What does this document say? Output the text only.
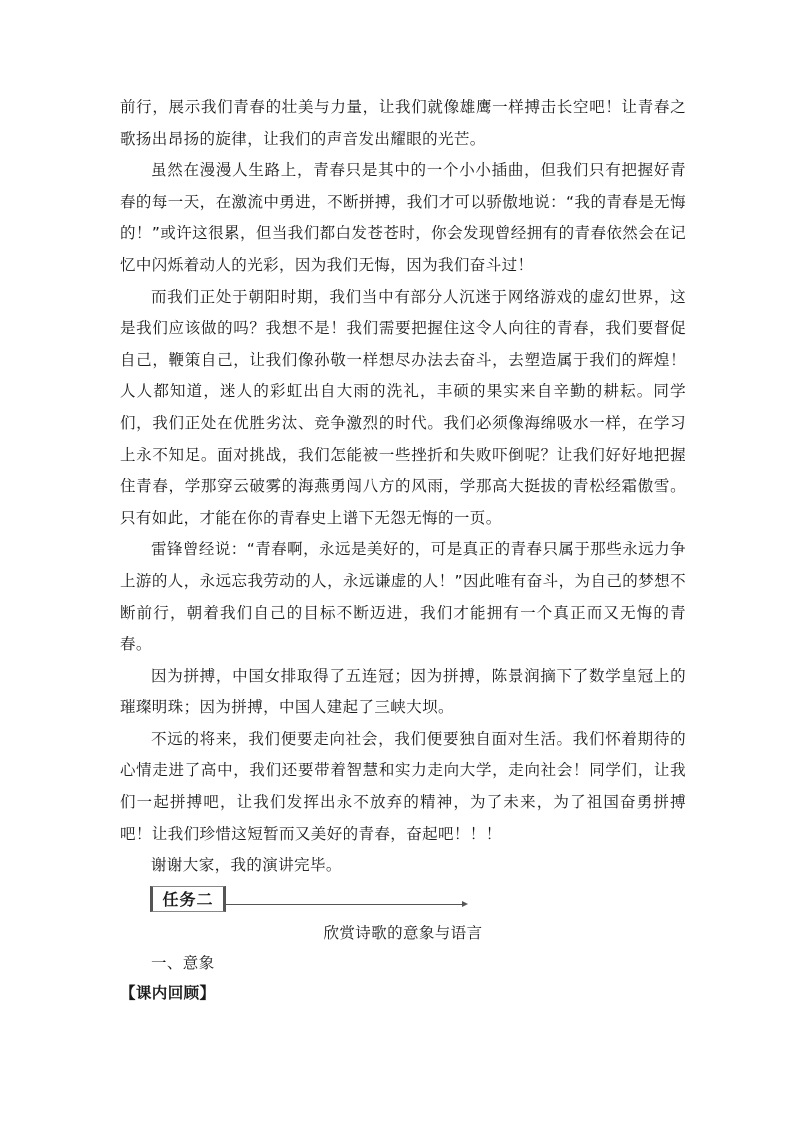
前行，展示我们青春的壮美与力量，让我们就像雄鹰一样搏击长空吧！让青春之歌扬出昂扬的旋律，让我们的声音发出耀眼的光芒。

虽然在漫漫人生路上，青春只是其中的一个小小插曲，但我们只有把握好青春的每一天，在激流中勇进，不断拼搏，我们才可以骄傲地说：“我的青春是无悔的！”或许这很累，但当我们都白发苍苍时，你会发现曾经拥有的青春依然会在记忆中闪烁着动人的光彩，因为我们无悔，因为我们奋斗过！

而我们正处于朝阳时期，我们当中有部分人沉迷于网络游戏的虚幻世界，这是我们应该做的吗？我想不是！我们需要把握住这令人向往的青春，我们要督促自己，鞭策自己，让我们像孙敬一样想尽办法去奋斗，去塑造属于我们的辉煌！人人都知道，迷人的彩虹出自大雨的洗礼，丰硕的果实来自辛勤的耕耘。同学们，我们正处在优胜劣汰、竞争激烈的时代。我们必须像海绵吸水一样，在学习上永不知足。面对挑战，我们怎能被一些挫折和失败吓倒呢？让我们好好地把握住青春，学那穿云破雾的海燕勇闯八方的风雨，学那高大挺拔的青松经霜傲雪。只有如此，才能在你的青春史上谱下无怨无悔的一页。

雷锋曾经说：“青春啊，永远是美好的，可是真正的青春只属于那些永远力争上游的人，永远忘我劳动的人，永远谦虚的人！”因此唯有奋斗，为自己的梦想不断前行，朝着我们自己的目标不断迈进，我们才能拥有一个真正而又无悔的青春。

因为拼搏，中国女排取得了五连冠；因为拼搏，陈景润摘下了数学皇冠上的璀璨明珠；因为拼搏，中国人建起了三峡大坝。

不远的将来，我们便要走向社会，我们便要独自面对生活。我们怀着期待的心情走进了高中，我们还要带着智慧和实力走向大学，走向社会！同学们，让我们一起拼搏吧，让我们发挥出永不放弃的精神，为了未来，为了祖国奋勇拼搏吧！让我们珍惜这短暂而又美好的青春，奋起吧！！！

谢谢大家，我的演讲完毕。

任务二

欣赏诗歌的意象与语言

一、意象

【课内回顾】
